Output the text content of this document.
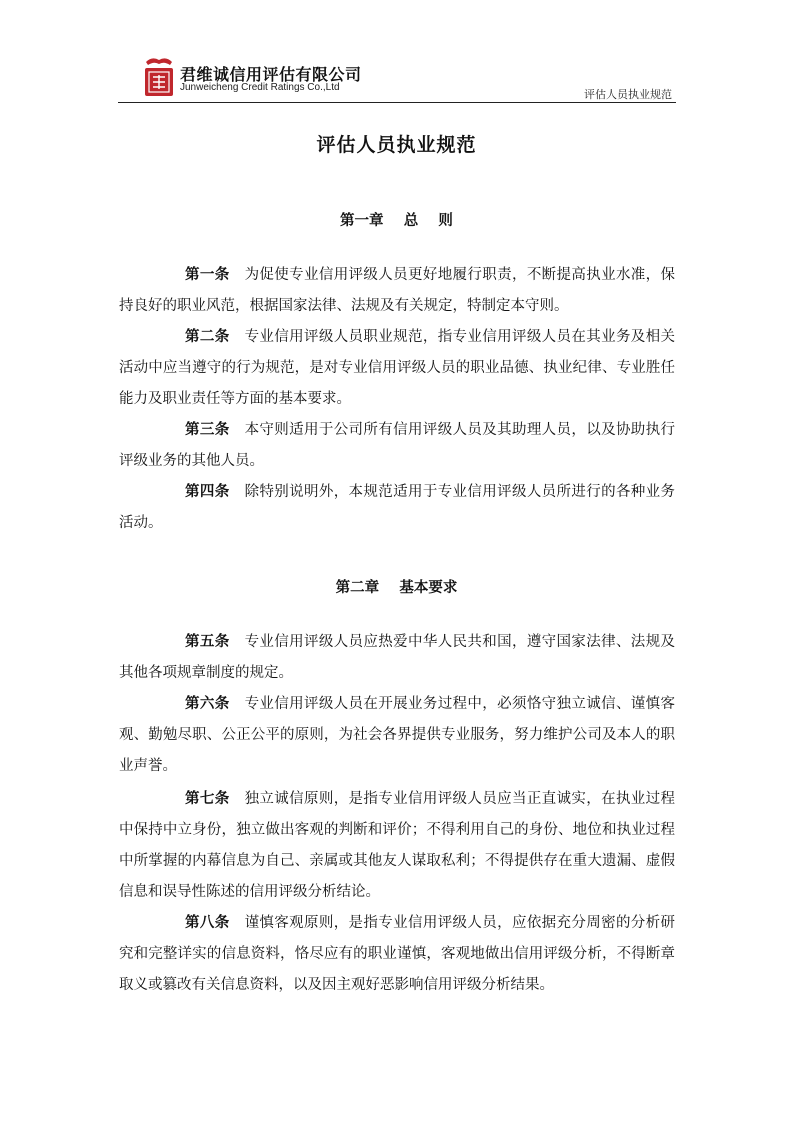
君维诚信用评估有限公司
Junweicheng Credit Ratings Co.,Ltd
评估人员执业规范
评估人员执业规范
第一章    总    则

第一条 为促使专业信用评级人员更好地履行职责，不断提高执业水准，保持良好的职业风范，根据国家法律、法规及有关规定，特制定本守则。

第二条 专业信用评级人员职业规范，指专业信用评级人员在其业务及相关活动中应当遵守的行为规范，是对专业信用评级人员的职业品德、执业纪律、专业胜任能力及职业责任等方面的基本要求。

第三条 本守则适用于公司所有信用评级人员及其助理人员，以及协助执行评级业务的其他人员。

第四条 除特别说明外，本规范适用于专业信用评级人员所进行的各种业务活动。

第二章    基本要求

第五条 专业信用评级人员应热爱中华人民共和国，遵守国家法律、法规及其他各项规章制度的规定。

第六条 专业信用评级人员在开展业务过程中，必须恪守独立诚信、谨慎客观、勤勉尽职、公正公平的原则，为社会各界提供专业服务，努力维护公司及本人的职业声誉。

第七条 独立诚信原则，是指专业信用评级人员应当正直诚实，在执业过程中保持中立身份，独立做出客观的判断和评价；不得利用自己的身份、地位和执业过程中所掌握的内幕信息为自己、亲属或其他友人谋取私利；不得提供存在重大遗漏、虚假信息和误导性陈述的信用评级分析结论。

第八条 谨慎客观原则，是指专业信用评级人员，应依据充分周密的分析研究和完整详实的信息资料，恪尽应有的职业谨慎，客观地做出信用评级分析，不得断章取义或篡改有关信息资料，以及因主观好恶影响信用评级分析结果。
